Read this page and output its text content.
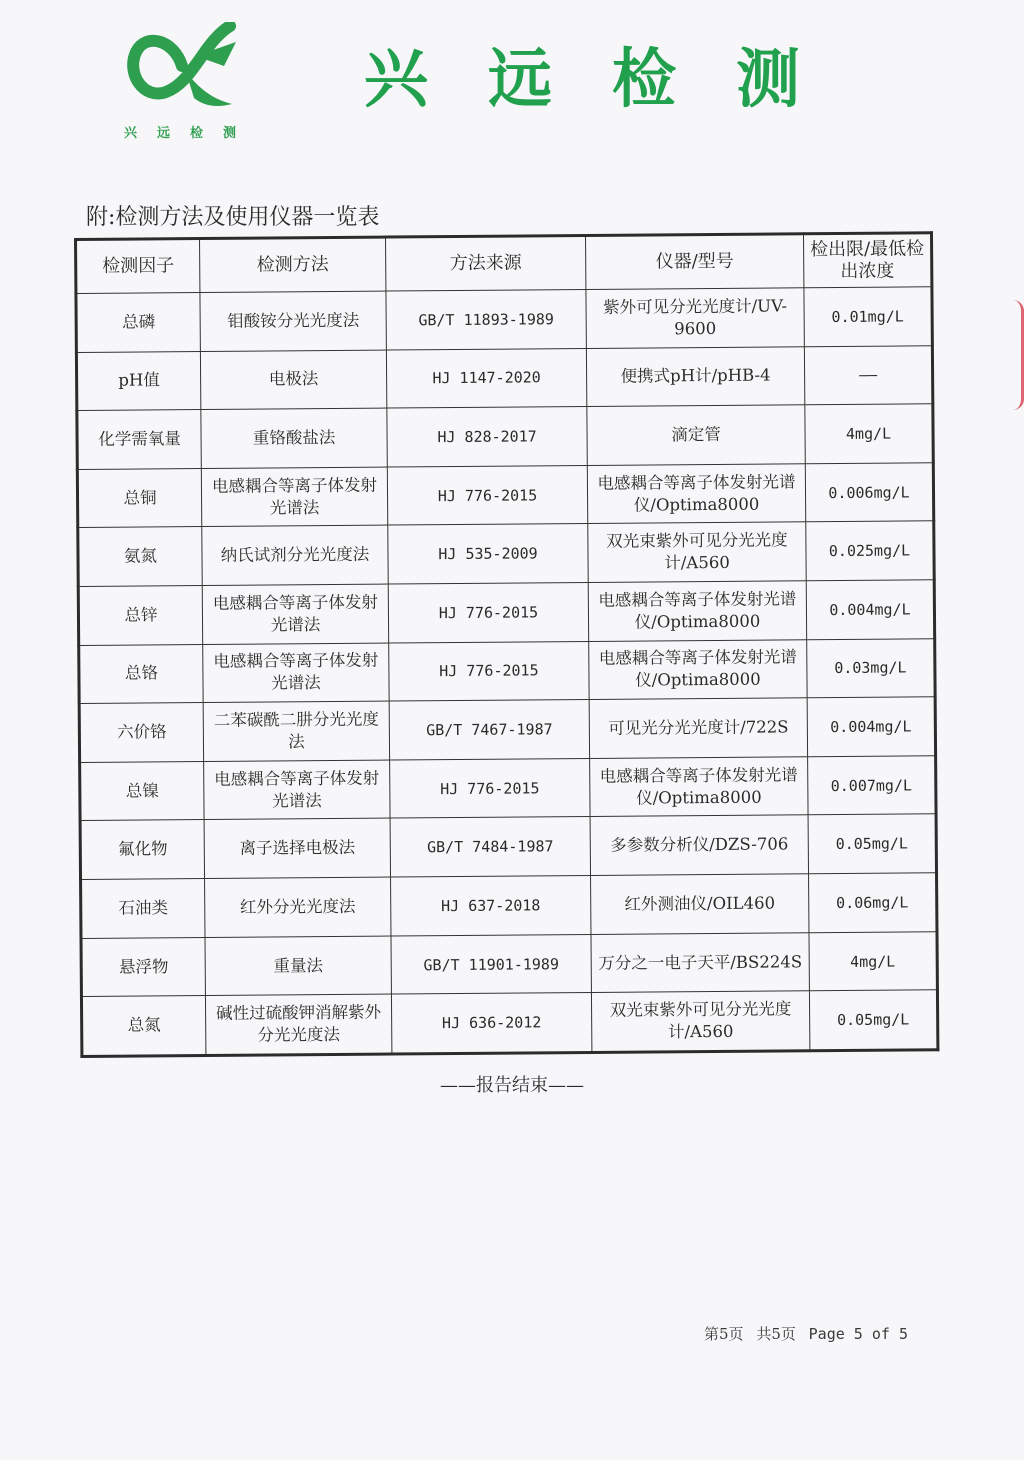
兴 远 检 测
兴 远 检 测
附:检测方法及使用仪器一览表
检测因子	检测方法	方法来源	仪器/型号	检出限/最低检出浓度
总磷	钼酸铵分光光度法	GB/T 11893-1989	紫外可见分光光度计/UV-9600	0.01mg/L
pH值	电极法	HJ 1147-2020	便携式pH计/pHB-4	——
化学需氧量	重铬酸盐法	HJ 828-2017	滴定管	4mg/L
总铜	电感耦合等离子体发射光谱法	HJ 776-2015	电感耦合等离子体发射光谱仪/Optima8000	0.006mg/L
氨氮	纳氏试剂分光光度法	HJ 535-2009	双光束紫外可见分光光度计/A560	0.025mg/L
总锌	电感耦合等离子体发射光谱法	HJ 776-2015	电感耦合等离子体发射光谱仪/Optima8000	0.004mg/L
总铬	电感耦合等离子体发射光谱法	HJ 776-2015	电感耦合等离子体发射光谱仪/Optima8000	0.03mg/L
六价铬	二苯碳酰二肼分光光度法	GB/T 7467-1987	可见光分光光度计/722S	0.004mg/L
总镍	电感耦合等离子体发射光谱法	HJ 776-2015	电感耦合等离子体发射光谱仪/Optima8000	0.007mg/L
氟化物	离子选择电极法	GB/T 7484-1987	多参数分析仪/DZS-706	0.05mg/L
石油类	红外分光光度法	HJ 637-2018	红外测油仪/OIL460	0.06mg/L
悬浮物	重量法	GB/T 11901-1989	万分之一电子天平/BS224S	4mg/L
总氮	碱性过硫酸钾消解紫外分光光度法	HJ 636-2012	双光束紫外可见分光光度计/A560	0.05mg/L
——报告结束——
第5页 共5页 Page 5 of 5
